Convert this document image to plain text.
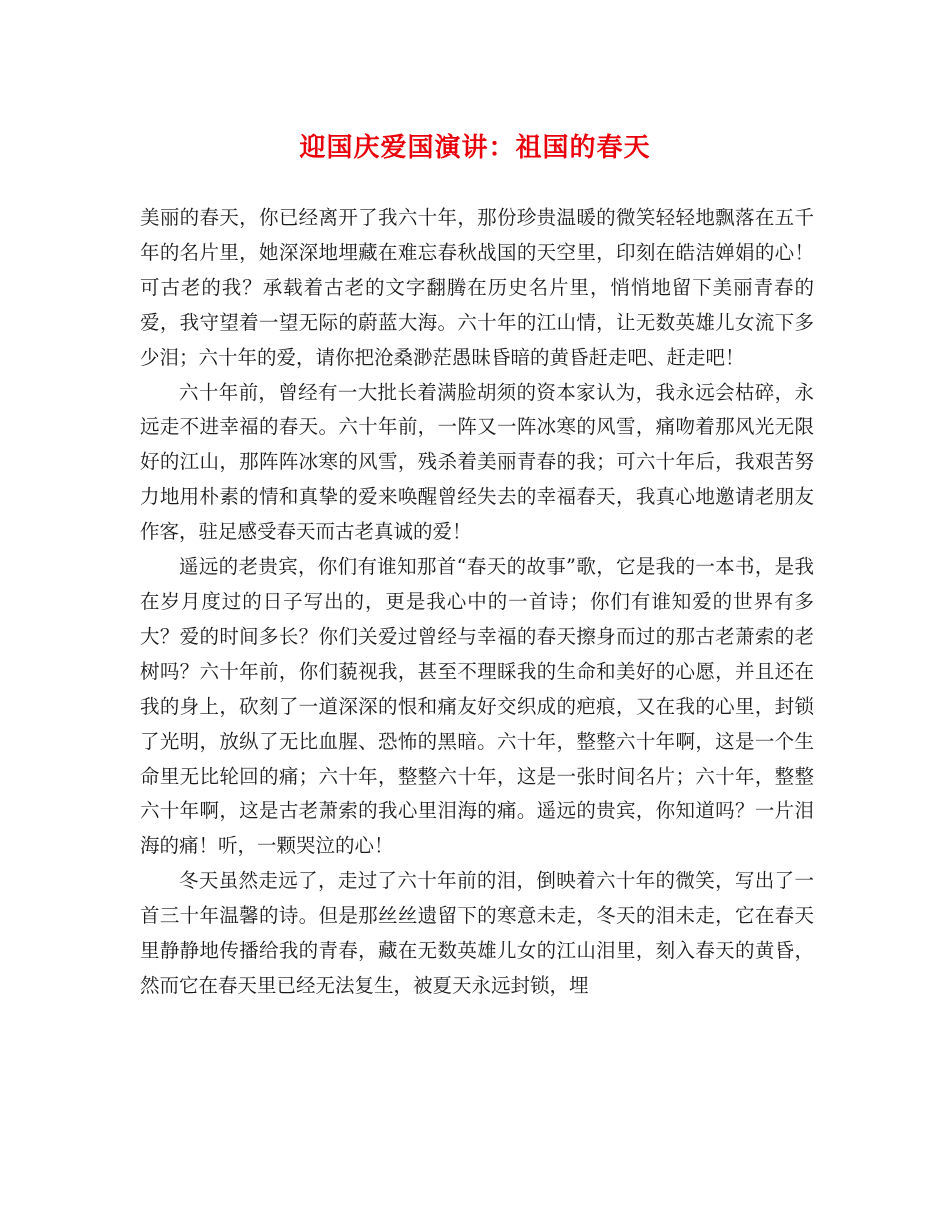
迎国庆爱国演讲：祖国的春天

美丽的春天，你已经离开了我六十年，那份珍贵温暖的微笑轻轻地飘落在五千年的名片里，她深深地埋藏在难忘春秋战国的天空里，印刻在皓洁婵娟的心！可古老的我？承载着古老的文字翻腾在历史名片里，悄悄地留下美丽青春的爱，我守望着一望无际的蔚蓝大海。六十年的江山情，让无数英雄儿女流下多少泪；六十年的爱，请你把沧桑渺茫愚昧昏暗的黄昏赶走吧、赶走吧！

六十年前，曾经有一大批长着满脸胡须的资本家认为，我永远会枯碎，永远走不进幸福的春天。六十年前，一阵又一阵冰寒的风雪，痛吻着那风光无限好的江山，那阵阵冰寒的风雪，残杀着美丽青春的我；可六十年后，我艰苦努力地用朴素的情和真挚的爱来唤醒曾经失去的幸福春天，我真心地邀请老朋友作客，驻足感受春天而古老真诚的爱！

遥远的老贵宾，你们有谁知那首“春天的故事”歌，它是我的一本书，是我在岁月度过的日子写出的，更是我心中的一首诗；你们有谁知爱的世界有多大？爱的时间多长？你们关爱过曾经与幸福的春天擦身而过的那古老萧索的老树吗？六十年前，你们藐视我，甚至不理睬我的生命和美好的心愿，并且还在我的身上，砍刻了一道深深的恨和痛友好交织成的疤痕，又在我的心里，封锁了光明，放纵了无比血腥、恐怖的黑暗。六十年，整整六十年啊，这是一个生命里无比轮回的痛；六十年，整整六十年，这是一张时间名片；六十年，整整六十年啊，这是古老萧索的我心里泪海的痛。遥远的贵宾，你知道吗？一片泪海的痛！听，一颗哭泣的心！

冬天虽然走远了，走过了六十年前的泪，倒映着六十年的微笑，写出了一首三十年温馨的诗。但是那丝丝遗留下的寒意未走，冬天的泪未走，它在春天里静静地传播给我的青春，藏在无数英雄儿女的江山泪里，刻入春天的黄昏，然而它在春天里已经无法复生，被夏天永远封锁，埋
